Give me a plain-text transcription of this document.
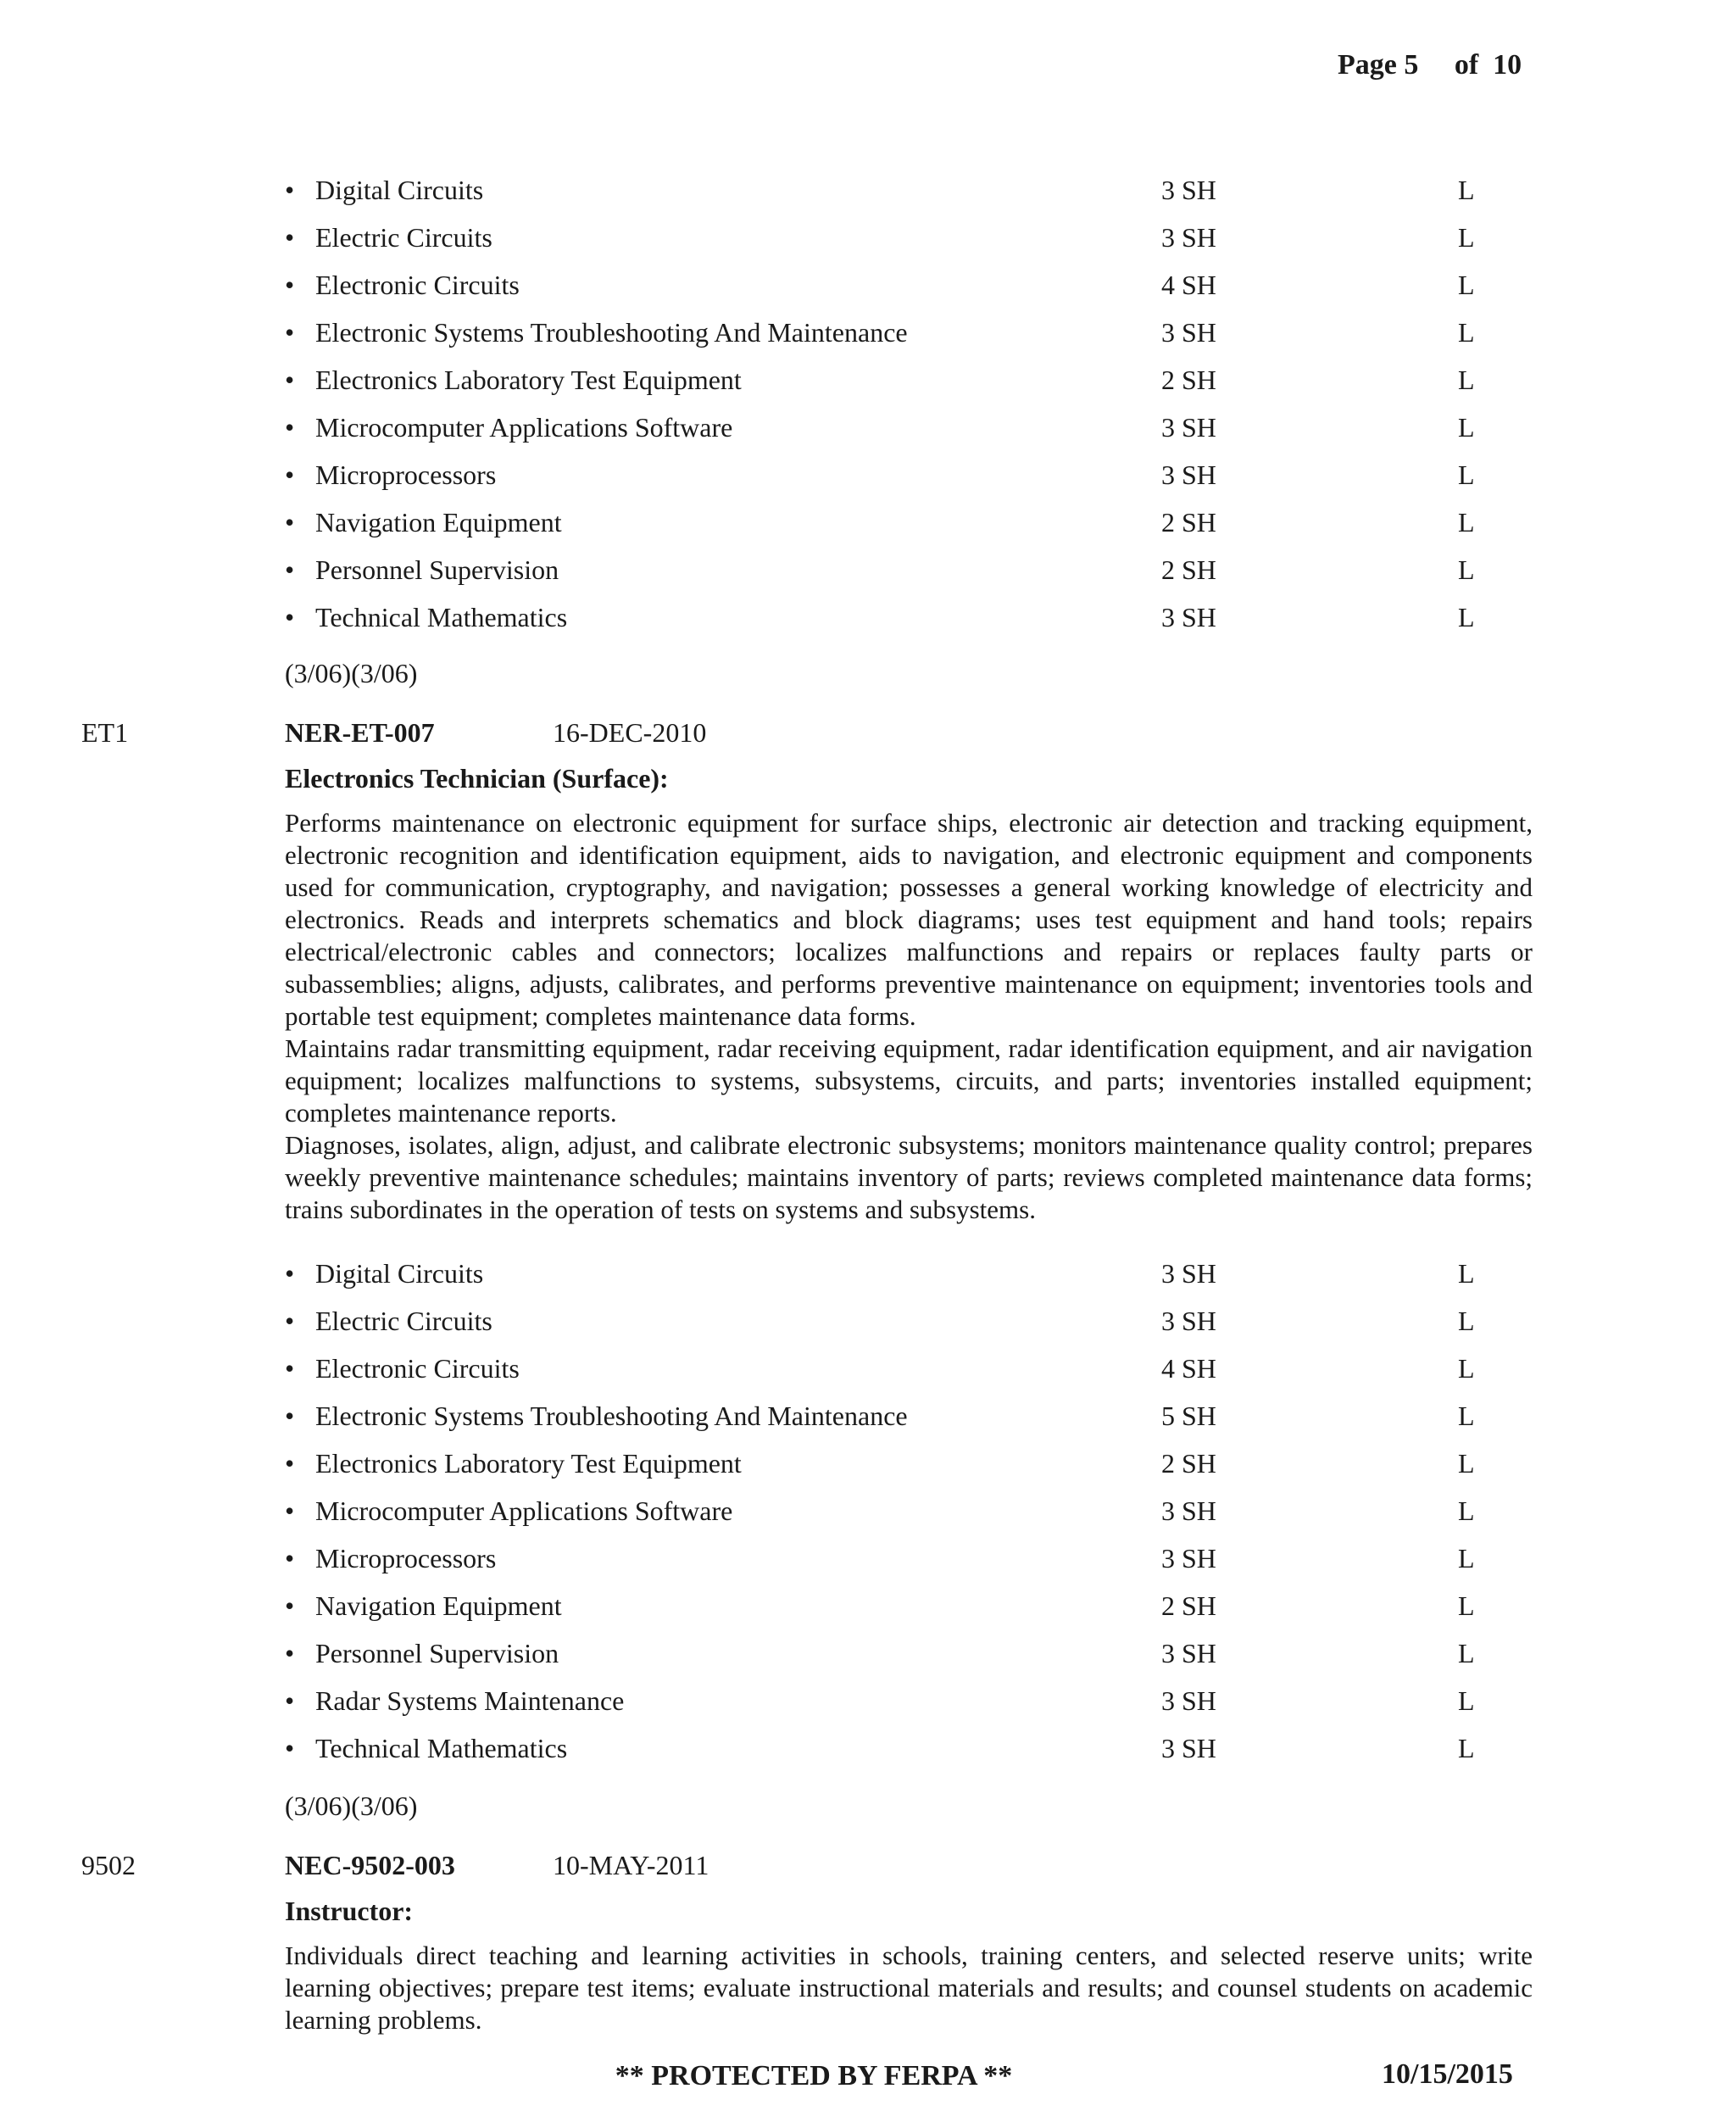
Page 5     of  10
• Digital Circuits	3 SH	L
• Electric Circuits	3 SH	L
• Electronic Circuits	4 SH	L
• Electronic Systems Troubleshooting And Maintenance	3 SH	L
• Electronics Laboratory Test Equipment	2 SH	L
• Microcomputer Applications Software	3 SH	L
• Microprocessors	3 SH	L
• Navigation Equipment	2 SH	L
• Personnel Supervision	2 SH	L
• Technical Mathematics	3 SH	L
(3/06)(3/06)
ET1	NER-ET-007	16-DEC-2010
Electronics Technician (Surface):

Performs maintenance on electronic equipment for surface ships, electronic air detection and tracking equipment, electronic recognition and identification equipment, aids to navigation, and electronic equipment and components used for communication, cryptography, and navigation; possesses a general working knowledge of electricity and electronics. Reads and interprets schematics and block diagrams; uses test equipment and hand tools; repairs electrical/electronic cables and connectors; localizes malfunctions and repairs or replaces faulty parts or subassemblies; aligns, adjusts, calibrates, and performs preventive maintenance on equipment; inventories tools and portable test equipment; completes maintenance data forms.

Maintains radar transmitting equipment, radar receiving equipment, radar identification equipment, and air navigation equipment; localizes malfunctions to systems, subsystems, circuits, and parts; inventories installed equipment; completes maintenance reports.

Diagnoses, isolates, align, adjust, and calibrate electronic subsystems; monitors maintenance quality control; prepares weekly preventive maintenance schedules; maintains inventory of parts; reviews completed maintenance data forms; trains subordinates in the operation of tests on systems and subsystems.

• Digital Circuits	3 SH	L
• Electric Circuits	3 SH	L
• Electronic Circuits	4 SH	L
• Electronic Systems Troubleshooting And Maintenance	5 SH	L
• Electronics Laboratory Test Equipment	2 SH	L
• Microcomputer Applications Software	3 SH	L
• Microprocessors	3 SH	L
• Navigation Equipment	2 SH	L
• Personnel Supervision	3 SH	L
• Radar Systems Maintenance	3 SH	L
• Technical Mathematics	3 SH	L
(3/06)(3/06)
9502	NEC-9502-003	10-MAY-2011
Instructor:

Individuals direct teaching and learning activities in schools, training centers, and selected reserve units; write learning objectives; prepare test items; evaluate instructional materials and results; and counsel students on academic learning problems.

10/15/2015
** PROTECTED BY FERPA **
